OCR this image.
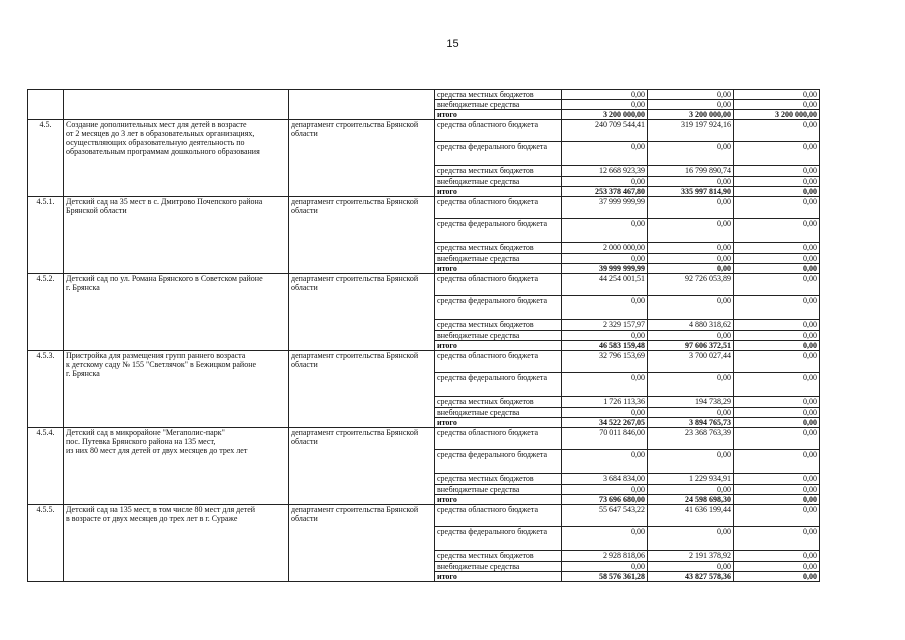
15
			средства местных бюджетов	0,00	0,00	0,00
			внебюджетные средства	0,00	0,00	0,00
			итого	3 200 000,00	3 200 000,00	3 200 000,00
4.5.	Создание дополнительных мест для детей в возрасте
от 2 месяцев до 3 лет в образовательных организациях,
осуществляющих образовательную деятельность по
образовательным программам дошкольного образования	департамент строительства Брянской
области	средства областного бюджета	240 709 544,41	319 197 924,16	0,00
			средства федерального бюджета	0,00	0,00	0,00
			средства местных бюджетов	12 668 923,39	16 799 890,74	0,00
			внебюджетные средства	0,00	0,00	0,00
			итого	253 378 467,80	335 997 814,90	0,00
4.5.1.	Детский сад на 35 мест в с. Дмитрово Почепского района
Брянской области	департамент строительства Брянской
области	средства областного бюджета	37 999 999,99	0,00	0,00
			средства федерального бюджета	0,00	0,00	0,00
			средства местных бюджетов	2 000 000,00	0,00	0,00
			внебюджетные средства	0,00	0,00	0,00
			итого	39 999 999,99	0,00	0,00
4.5.2.	Детский сад по ул. Романа Брянского в Советском районе
г. Брянска	департамент строительства Брянской
области	средства областного бюджета	44 254 001,51	92 726 053,89	0,00
			средства федерального бюджета	0,00	0,00	0,00
			средства местных бюджетов	2 329 157,97	4 880 318,62	0,00
			внебюджетные средства	0,00	0,00	0,00
			итого	46 583 159,48	97 606 372,51	0,00
4.5.3.	Пристройка для размещения групп раннего возраста
к детскому саду № 155 "Светлячок" в Бежицком районе
г. Брянска	департамент строительства Брянской
области	средства областного бюджета	32 796 153,69	3 700 027,44	0,00
			средства федерального бюджета	0,00	0,00	0,00
			средства местных бюджетов	1 726 113,36	194 738,29	0,00
			внебюджетные средства	0,00	0,00	0,00
			итого	34 522 267,05	3 894 765,73	0,00
4.5.4.	Детский сад в микрорайоне "Мегаполис-парк"
пос. Путевка Брянского района на 135 мест,
из них 80 мест для детей от двух месяцев до трех лет	департамент строительства Брянской
области	средства областного бюджета	70 011 846,00	23 368 763,39	0,00
			средства федерального бюджета	0,00	0,00	0,00
			средства местных бюджетов	3 684 834,00	1 229 934,91	0,00
			внебюджетные средства	0,00	0,00	0,00
			итого	73 696 680,00	24 598 698,30	0,00
4.5.5.	Детский сад на 135 мест, в том числе 80 мест для детей
в возрасте от двух месяцев до трех лет в г. Сураже	департамент строительства Брянской
области	средства областного бюджета	55 647 543,22	41 636 199,44	0,00
			средства федерального бюджета	0,00	0,00	0,00
			средства местных бюджетов	2 928 818,06	2 191 378,92	0,00
			внебюджетные средства	0,00	0,00	0,00
			итого	58 576 361,28	43 827 578,36	0,00
